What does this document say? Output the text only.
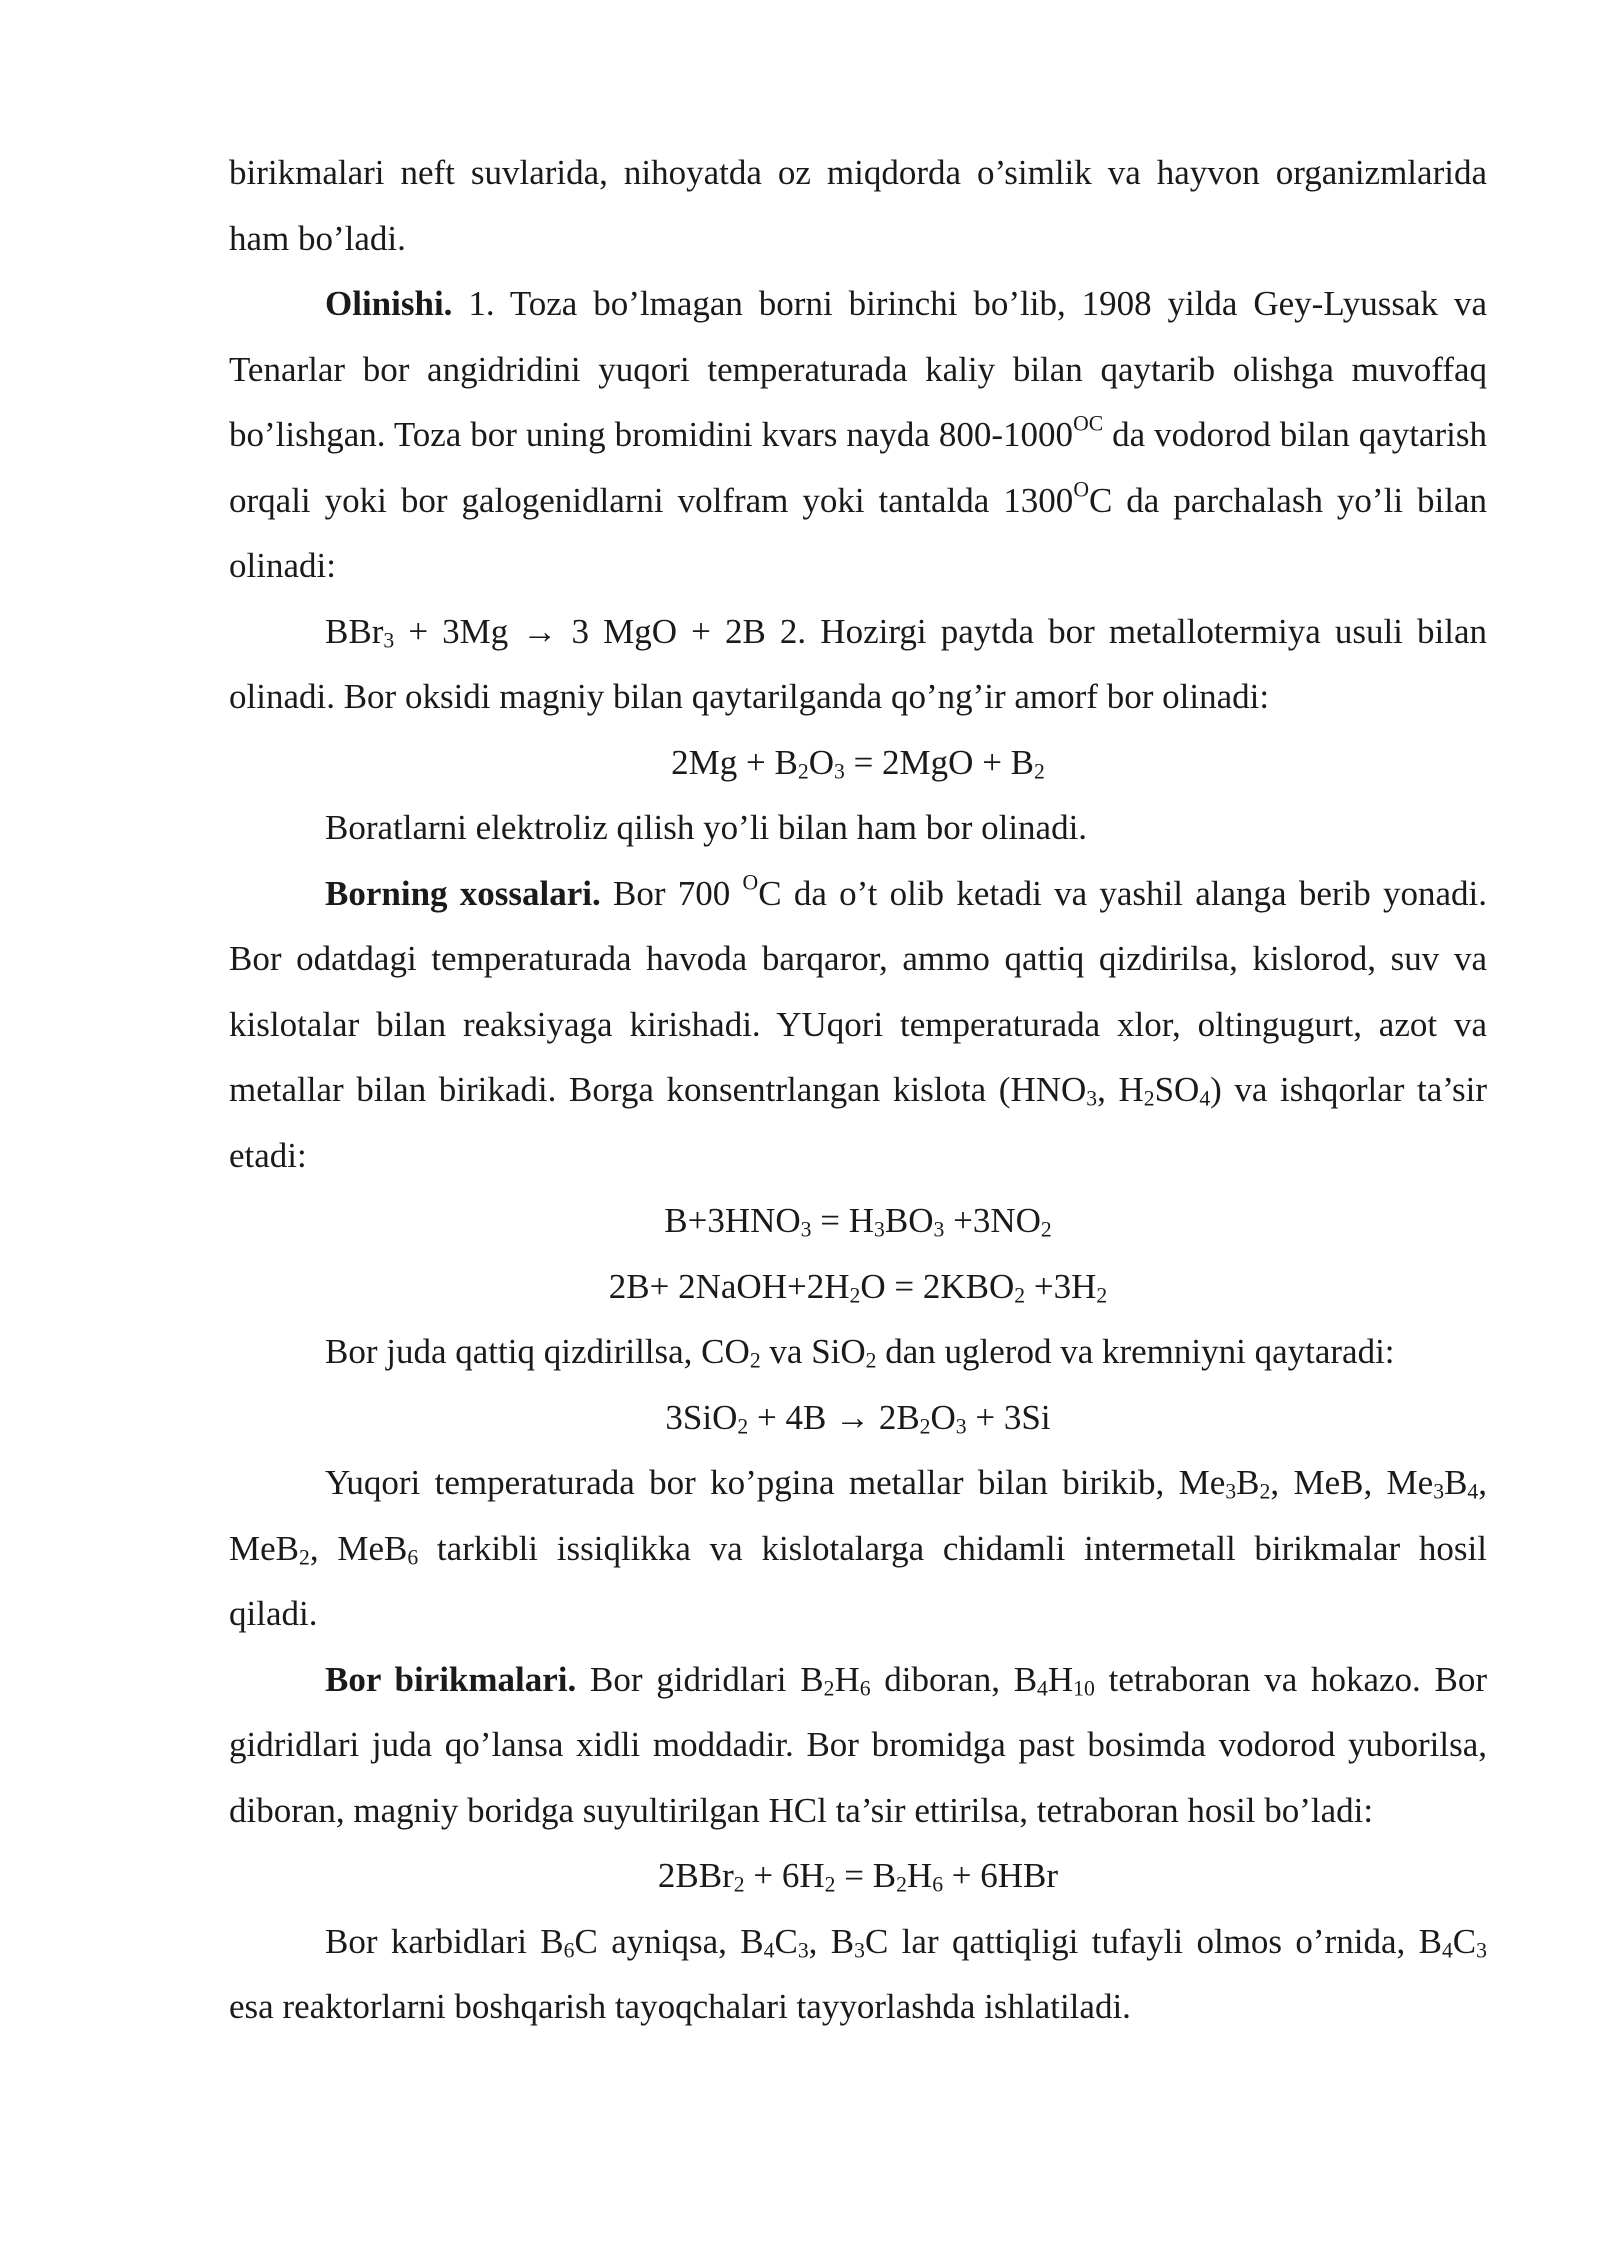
birikmalari neft suvlarida, nihoyatda oz miqdorda o’simlik va hayvon organizmlarida ham bo’ladi.

Olinishi. 1. Toza bo’lmagan borni birinchi bo’lib, 1908 yilda Gey-Lyussak va Tenarlar bor angidridini yuqori temperaturada kaliy bilan qaytarib olishga muvoffaq bo’lishgan. Toza bor uning bromidini kvars nayda $800-1000^{OC}$ da vodorod bilan qaytarish orqali yoki bor galogenidlarni volfram yoki tantalda $1300^OC$ da parchalash yo’li bilan olinadi:

BBr$_3$ + 3Mg → 3 MgO + 2B 2. Hozirgi paytda bor metallotermiya usuli bilan olinadi. Bor oksidi magniy bilan qaytarilganda qo’ng’ir amorf bor olinadi:

$2Mg + B_2O_3 = 2MgO + B_2$

Boratlarni elektroliz qilish yo’li bilan ham bor olinadi.

Borning xossalari. Bor 700 $^O$C da o’t olib ketadi va yashil alanga berib yonadi. Bor odatdagi temperaturada havoda barqaror, ammo qattiq qizdirilsa, kislorod, suv va kislotalar bilan reaksiyaga kirishadi. YUqori temperaturada xlor, oltingugurt, azot va metallar bilan birikadi. Borga konsentrlangan kislota ($HNO_3$, $H_2SO_4$) va ishqorlar ta’sir etadi:

$B+3HNO_3 = H_3BO_3 +3NO_2$

$2B+ 2NaOH+2H_2O = 2KBO_2 +3H_2$

Bor juda qattiq qizdirillsa, $CO_2$ va SiO$_2$ dan uglerod va kremniyni qaytaradi:

$3SiO_2 + 4B \to 2B_2O_3 + 3Si$

Yuqori temperaturada bor ko’pgina metallar bilan birikib, $Me_3B_2$, MeB, $Me_3B_4$, MeB$_2$, MeB$_6$ tarkibli issiqlikka va kislotalarga chidamli intermetall birikmalar hosil qiladi.

Bor birikmalari. Bor gidridlari $B_2H_6$ diboran, $B_4H_{10}$ tetraboran va hokazo. Bor gidridlari juda qo’lansa xidli moddadir. Bor bromidga past bosimda vodorod yuborilsa, diboran, magniy boridga suyultirilgan HCl ta’sir ettirilsa, tetraboran hosil bo’ladi:

$2BBr_2 + 6H_2 = B_2H_6 + 6HBr$

Bor karbidlari $B_6C$ ayniqsa, $B_4C_3$, $B_3C$ lar qattiqligi tufayli olmos o’rnida, $B_4C_3$ esa reaktorlarni boshqarish tayoqchalari tayyorlashda ishlatiladi.
